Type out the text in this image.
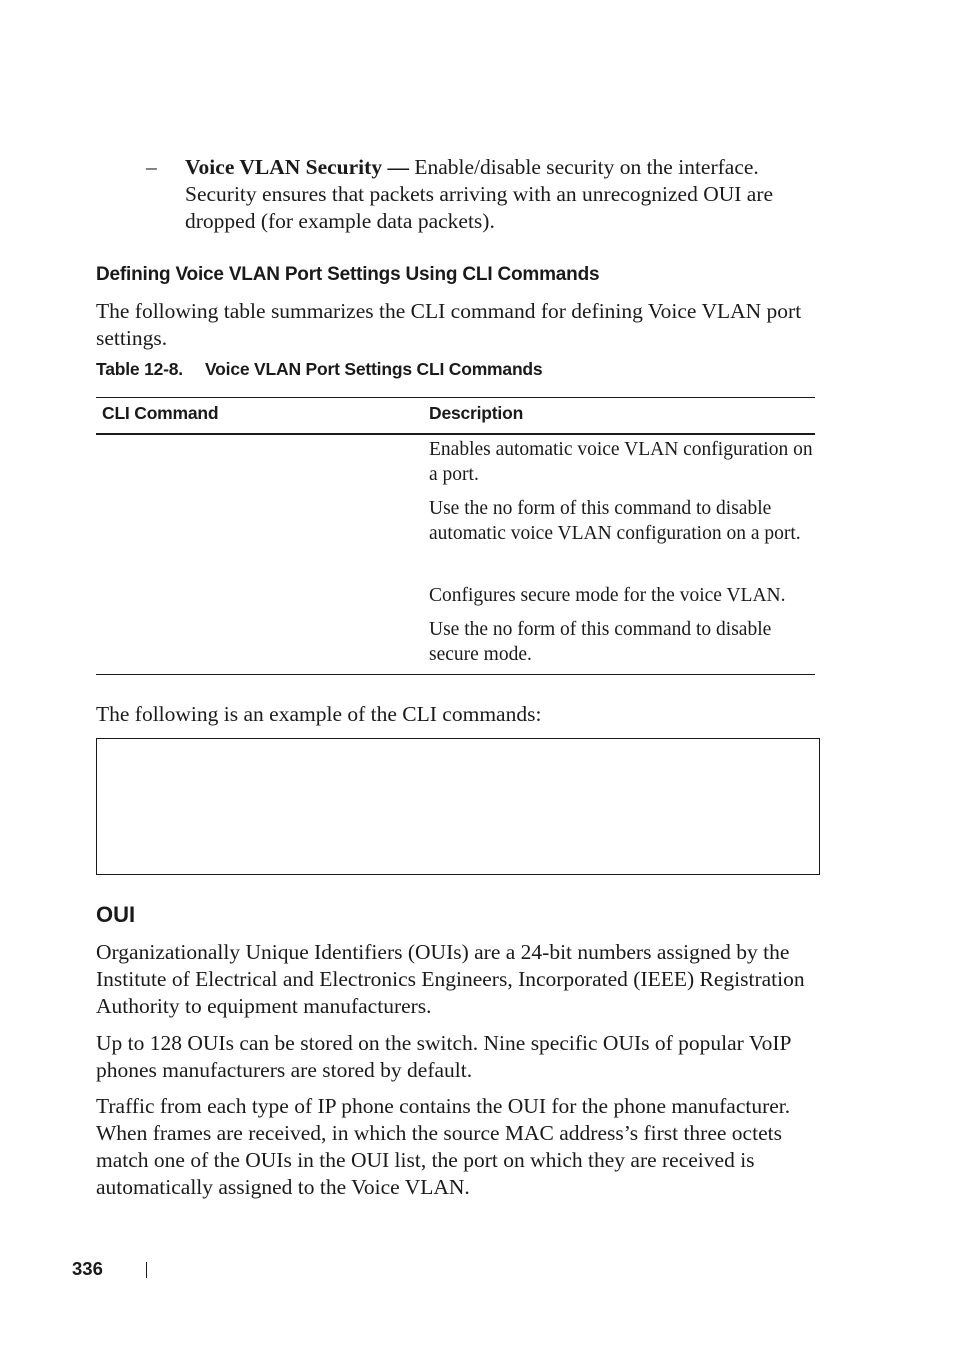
– Voice VLAN Security — Enable/disable security on the interface. Security ensures that packets arriving with an unrecognized OUI are dropped (for example data packets).
Defining Voice VLAN Port Settings Using CLI Commands
The following table summarizes the CLI command for defining Voice VLAN port settings.
Table 12-8. Voice VLAN Port Settings CLI Commands
CLI Command	Description
Enables automatic voice VLAN configuration on a port.
Use the no form of this command to disable automatic voice VLAN configuration on a port.
Configures secure mode for the voice VLAN.
Use the no form of this command to disable secure mode.
The following is an example of the CLI commands:
OUI
Organizationally Unique Identifiers (OUIs) are a 24-bit numbers assigned by the Institute of Electrical and Electronics Engineers, Incorporated (IEEE) Registration Authority to equipment manufacturers.
Up to 128 OUIs can be stored on the switch. Nine specific OUIs of popular VoIP phones manufacturers are stored by default.
Traffic from each type of IP phone contains the OUI for the phone manufacturer. When frames are received, in which the source MAC address’s first three octets match one of the OUIs in the OUI list, the port on which they are received is automatically assigned to the Voice VLAN.
336
